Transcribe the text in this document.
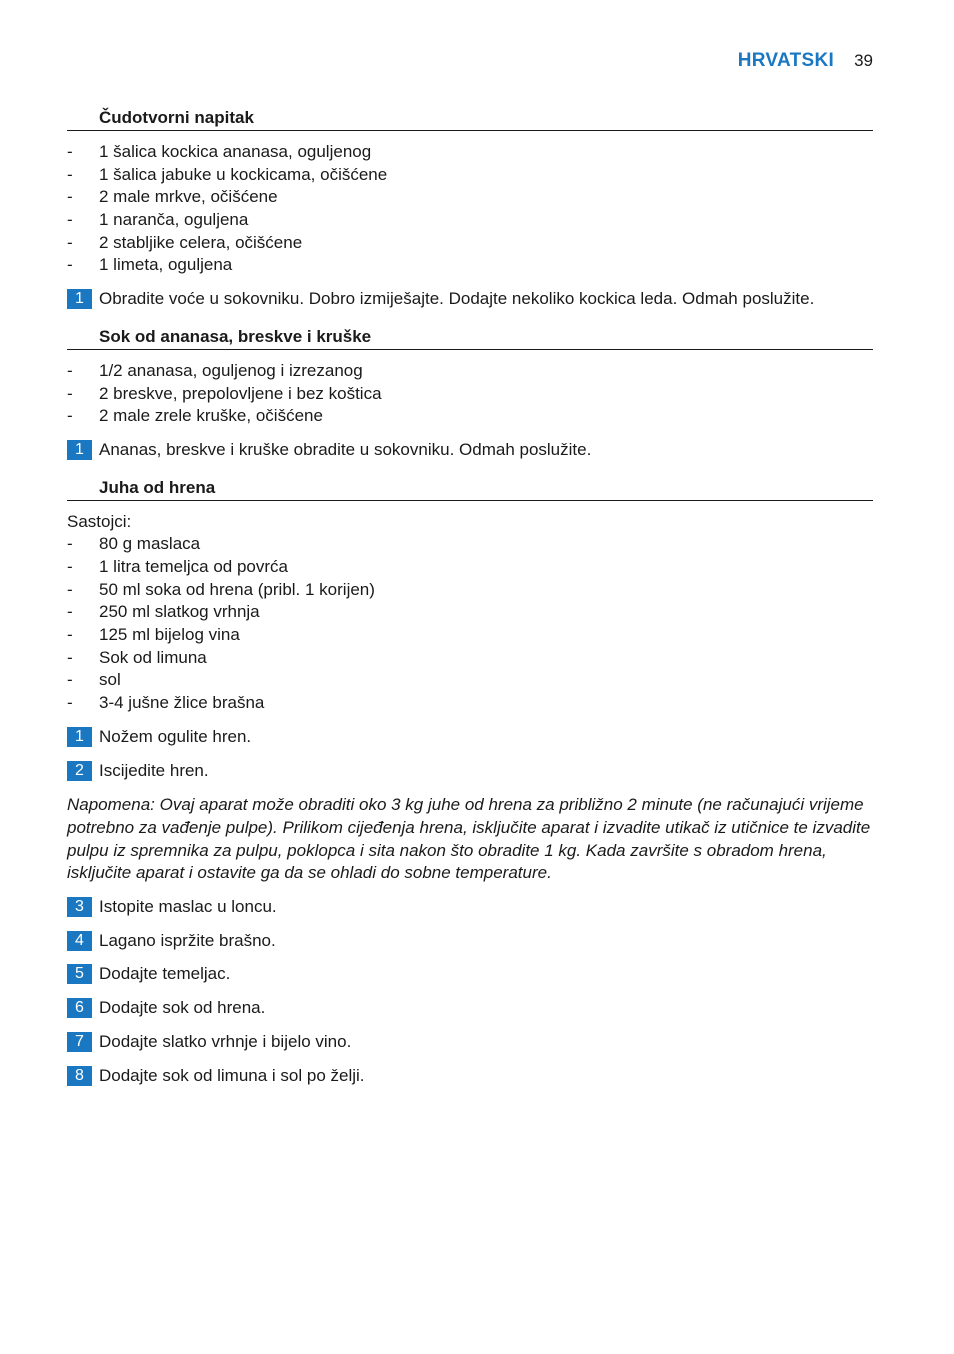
HRVATSKI 39
Čudotvorni napitak
- 1 šalica kockica ananasa, oguljenog
- 1 šalica jabuke u kockicama, očišćene
- 2 male mrkve, očišćene
- 1 naranča, oguljena
- 2 stabljike celera, očišćene
- 1 limeta, oguljena
1 Obradite voće u sokovniku. Dobro izmiješajte. Dodajte nekoliko kockica leda. Odmah poslužite.
Sok od ananasa, breskve i kruške
- 1/2 ananasa, oguljenog i izrezanog
- 2 breskve, prepolovljene i bez koštica
- 2 male zrele kruške, očišćene
1 Ananas, breskve i kruške obradite u sokovniku. Odmah poslužite.
Juha od hrena
Sastojci:
- 80 g maslaca
- 1 litra temeljca od povrća
- 50 ml soka od hrena (pribl. 1 korijen)
- 250 ml slatkog vrhnja
- 125 ml bijelog vina
- Sok od limuna
- sol
- 3-4 jušne žlice brašna
1 Nožem ogulite hren.
2 Iscijedite hren.

Napomena: Ovaj aparat može obraditi oko 3 kg juhe od hrena za približno 2 minute (ne računajući vrijeme potrebno za vađenje pulpe). Prilikom cijeđenja hrena, isključite aparat i izvadite utikač iz utičnice te izvadite pulpu iz spremnika za pulpu, poklopca i sita nakon što obradite 1 kg. Kada završite s obradom hrena, isključite aparat i ostavite ga da se ohladi do sobne temperature.

3 Istopite maslac u loncu.
4 Lagano ispržite brašno.
5 Dodajte temeljac.
6 Dodajte sok od hrena.
7 Dodajte slatko vrhnje i bijelo vino.
8 Dodajte sok od limuna i sol po želji.
